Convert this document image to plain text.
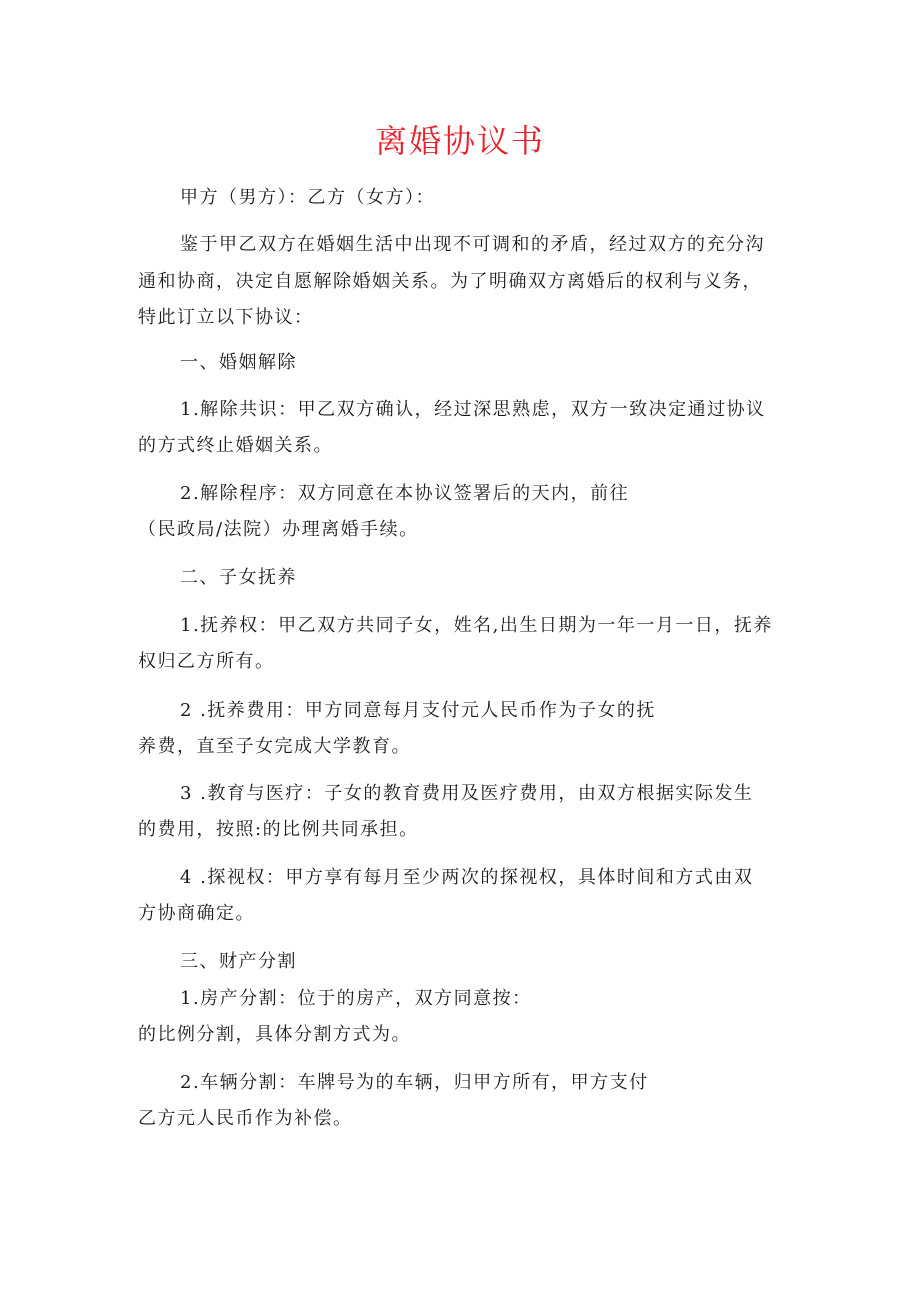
离婚协议书
甲方（男方）：乙方（女方）：
鉴于甲乙双方在婚姻生活中出现不可调和的矛盾，经过双方的充分沟
通和协商，决定自愿解除婚姻关系。为了明确双方离婚后的权利与义务，
特此订立以下协议：
一、婚姻解除
1.解除共识：甲乙双方确认，经过深思熟虑，双方一致决定通过协议
的方式终止婚姻关系。
2.解除程序：双方同意在本协议签署后的天内，前往
（民政局/法院）办理离婚手续。
二、子女抚养
1.抚养权：甲乙双方共同子女，姓名,出生日期为一年一月一日，抚养
权归乙方所有。
2 .抚养费用：甲方同意每月支付元人民币作为子女的抚
养费，直至子女完成大学教育。
3 .教育与医疗：子女的教育费用及医疗费用，由双方根据实际发生
的费用，按照:的比例共同承担。
4 .探视权：甲方享有每月至少两次的探视权，具体时间和方式由双
方协商确定。
三、财产分割
1.房产分割：位于的房产，双方同意按：
的比例分割，具体分割方式为。
2.车辆分割：车牌号为的车辆，归甲方所有，甲方支付
乙方元人民币作为补偿。
